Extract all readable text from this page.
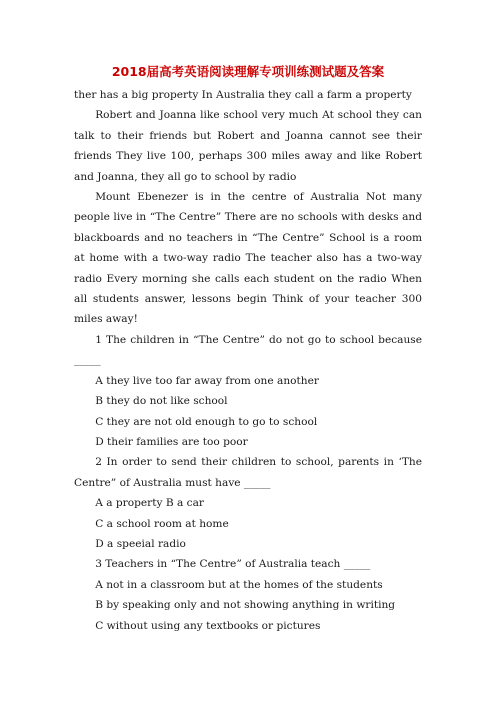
2018届高考英语阅读理解专项训练测试题及答案

ther has a big property In Australia they call a farm a property

Robert and Joanna like school very much At school they can talk to their friends but Robert and Joanna cannot see their friends They live 100, perhaps 300 miles away and like Robert and Joanna, they all go to school by radio

Mount Ebenezer is in the centre of Australia Not many people live in “The Centre” There are no schools with desks and blackboards and no teachers in “The Centre” School is a room at home with a two-way radio The teacher also has a two-way radio Every morning she calls each student on the radio When all students answer, lessons begin Think of your teacher 300 miles away!

1 The children in “The Centre” do not go to school because _____

A they live too far away from one another

B they do not like school

C they are not old enough to go to school

D their families are too poor

2 In order to send their children to school, parents in ‘The Centre” of Australia must have _____

A a property B a car

C a school room at home

D a speeial radio

3 Teachers in “The Centre” of Australia teach _____

A not in a classroom but at the homes of the students

B by speaking only and not showing anything in writing

C without using any textbooks or pictures
